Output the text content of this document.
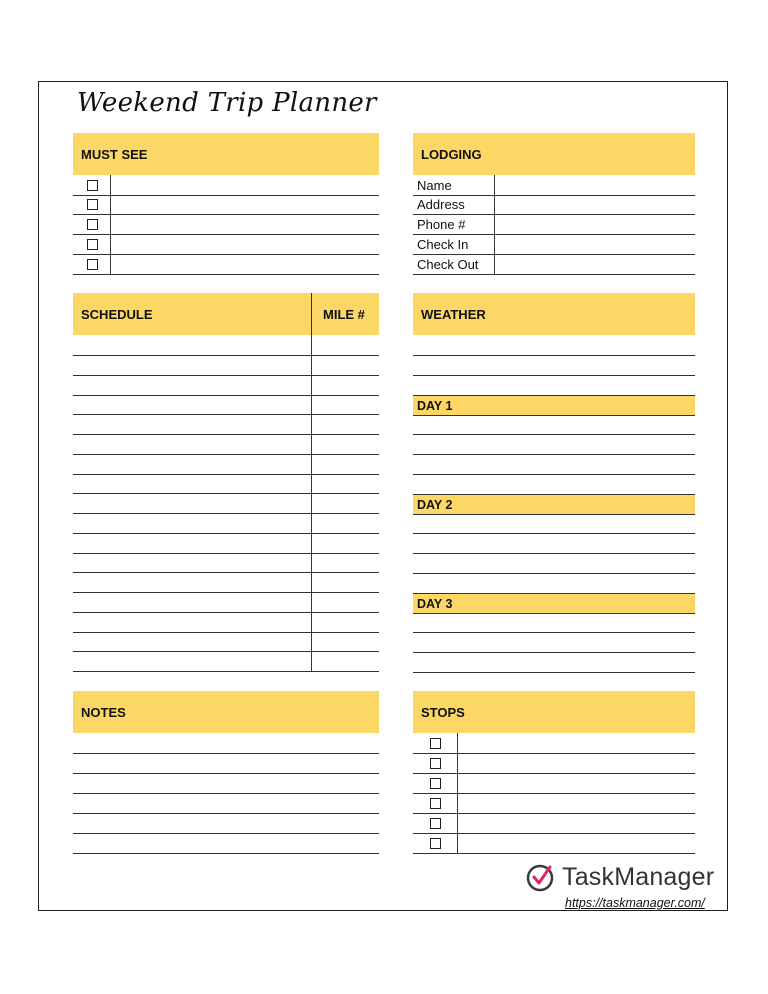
Weekend Trip Planner
MUST SEE	LODGING
Name
Address
Phone #
Check In
Check Out
SCHEDULE	MILE #	WEATHER
DAY 1
DAY 2
DAY 3
NOTES	STOPS
TaskManager
https://taskmanager.com/
